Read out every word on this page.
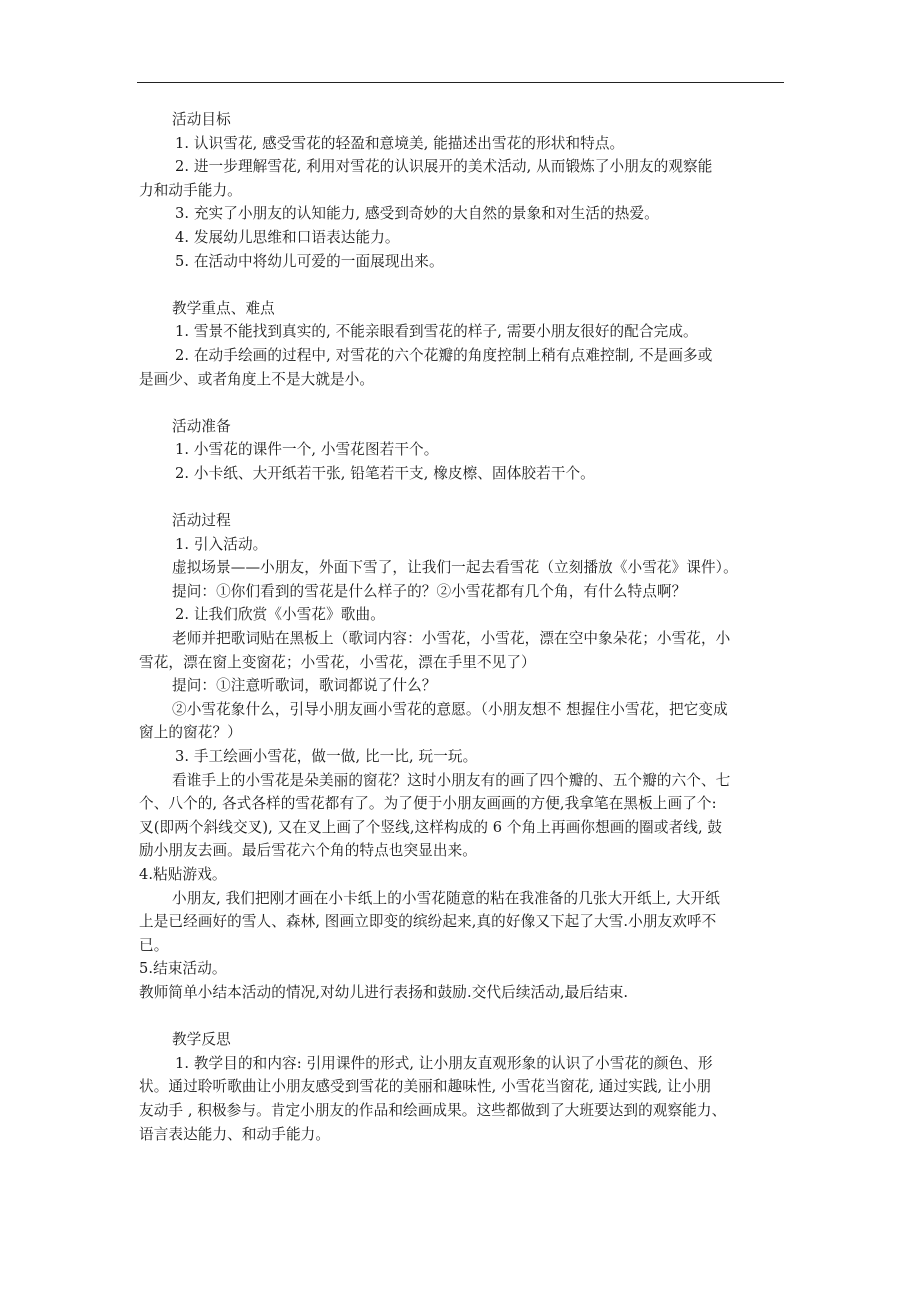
活动目标

1. 认识雪花, 感受雪花的轻盈和意境美, 能描述出雪花的形状和特点。

2. 进一步理解雪花, 利用对雪花的认识展开的美术活动, 从而锻炼了小朋友的观察能

力和动手能力。

3. 充实了小朋友的认知能力, 感受到奇妙的大自然的景象和对生活的热爱。

4. 发展幼儿思维和口语表达能力。

5. 在活动中将幼儿可爱的一面展现出来。

教学重点、难点

1. 雪景不能找到真实的, 不能亲眼看到雪花的样子, 需要小朋友很好的配合完成。

2. 在动手绘画的过程中, 对雪花的六个花瓣的角度控制上稍有点难控制, 不是画多或

是画少、或者角度上不是大就是小。

活动准备

1. 小雪花的课件一个, 小雪花图若干个。

2. 小卡纸、大开纸若干张, 铅笔若干支, 橡皮檫、固体胶若干个。

活动过程

1. 引入活动。

虚拟场景——小朋友，外面下雪了，让我们一起去看雪花（立刻播放《小雪花》课件）。

提问：①你们看到的雪花是什么样子的？②小雪花都有几个角，有什么特点啊？

2. 让我们欣赏《小雪花》歌曲。

老师并把歌词贴在黑板上（歌词内容：小雪花，小雪花，漂在空中象朵花；小雪花，小

雪花，漂在窗上变窗花；小雪花，小雪花，漂在手里不见了）

提问：①注意听歌词，歌词都说了什么？

②小雪花象什么，引导小朋友画小雪花的意愿。（小朋友想不 想握住小雪花，把它变成

窗上的窗花？）

3. 手工绘画小雪花，做一做, 比一比, 玩一玩。

看谁手上的小雪花是朵美丽的窗花？这时小朋友有的画了四个瓣的、五个瓣的六个、七

个、八个的, 各式各样的雪花都有了。为了便于小朋友画画的方便,我拿笔在黑板上画了个:

叉(即两个斜线交叉), 又在叉上画了个竖线,这样构成的 6 个角上再画你想画的圈或者线, 鼓

励小朋友去画。最后雪花六个角的特点也突显出来。

4.粘贴游戏。

小朋友, 我们把刚才画在小卡纸上的小雪花随意的粘在我准备的几张大开纸上, 大开纸

上是已经画好的雪人、森林, 图画立即变的缤纷起来,真的好像又下起了大雪.小朋友欢呼不

已。

5.结束活动。

教师简单小结本活动的情况,对幼儿进行表扬和鼓励.交代后续活动,最后结束.

教学反思

1. 教学目的和内容: 引用课件的形式, 让小朋友直观形象的认识了小雪花的颜色、形

状。通过聆听歌曲让小朋友感受到雪花的美丽和趣味性, 小雪花当窗花, 通过实践, 让小朋

友动手 , 积极参与。肯定小朋友的作品和绘画成果。这些都做到了大班要达到的观察能力、

语言表达能力、和动手能力。
